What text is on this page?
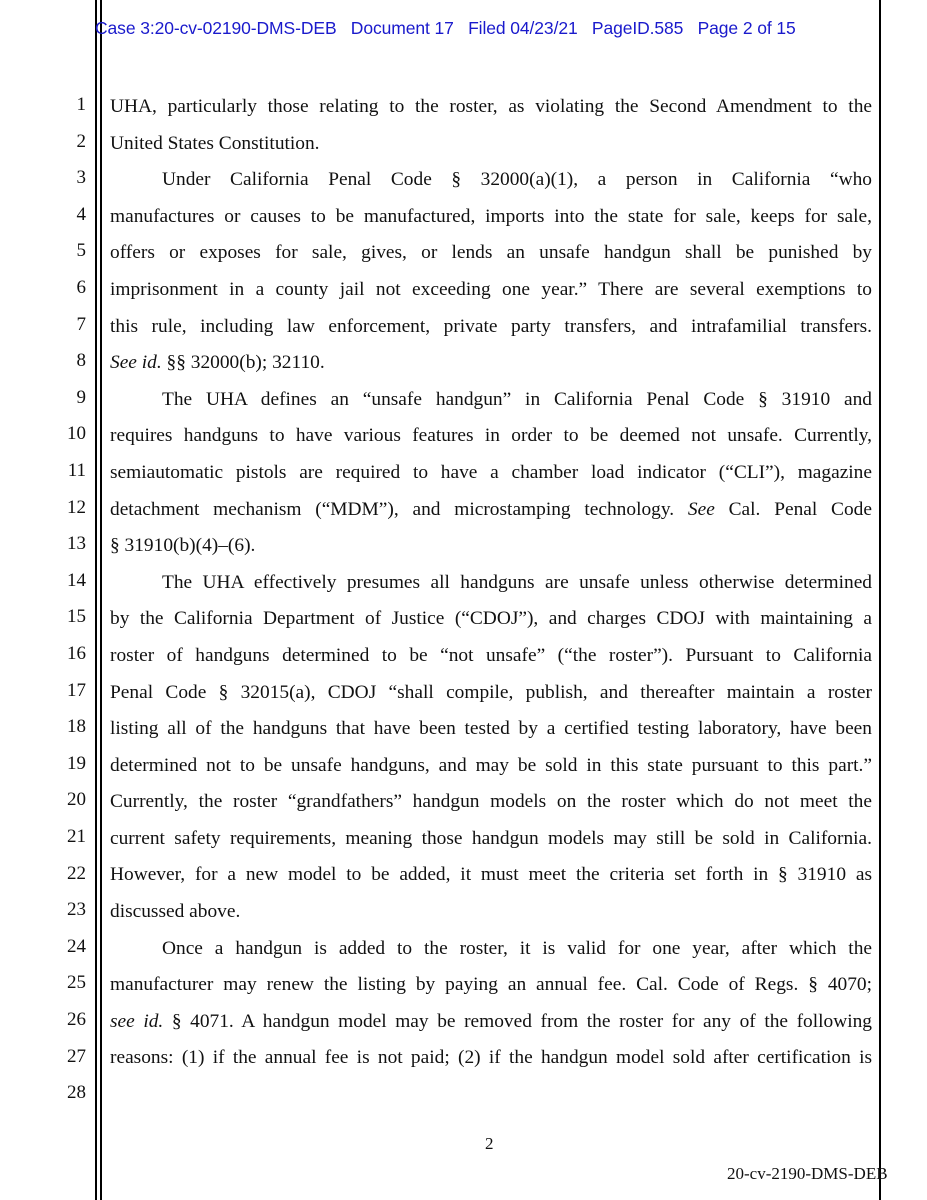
Case 3:20-cv-02190-DMS-DEB   Document 17   Filed 04/23/21   PageID.585   Page 2 of 15
1
2
3
4
5
6
7
8
9
10
11
12
13
14
15
16
17
18
19
20
21
22
23
24
25
26
27
28
UHA, particularly those relating to the roster, as violating the Second Amendment to the
United States Constitution.
Under California Penal Code § 32000(a)(1), a person in California “who
manufactures or causes to be manufactured, imports into the state for sale, keeps for sale,
offers or exposes for sale, gives, or lends an unsafe handgun shall be punished by
imprisonment in a county jail not exceeding one year.” There are several exemptions to
this rule, including law enforcement, private party transfers, and intrafamilial transfers.
See id. §§ 32000(b); 32110.
The UHA defines an “unsafe handgun” in California Penal Code § 31910 and
requires handguns to have various features in order to be deemed not unsafe. Currently,
semiautomatic pistols are required to have a chamber load indicator (“CLI”), magazine
detachment mechanism (“MDM”), and microstamping technology. See Cal. Penal Code
§ 31910(b)(4)–(6).
The UHA effectively presumes all handguns are unsafe unless otherwise determined
by the California Department of Justice (“CDOJ”), and charges CDOJ with maintaining a
roster of handguns determined to be “not unsafe” (“the roster”). Pursuant to California
Penal Code § 32015(a), CDOJ “shall compile, publish, and thereafter maintain a roster
listing all of the handguns that have been tested by a certified testing laboratory, have been
determined not to be unsafe handguns, and may be sold in this state pursuant to this part.”
Currently, the roster “grandfathers” handgun models on the roster which do not meet the
current safety requirements, meaning those handgun models may still be sold in California.
However, for a new model to be added, it must meet the criteria set forth in § 31910 as
discussed above.
Once a handgun is added to the roster, it is valid for one year, after which the
manufacturer may renew the listing by paying an annual fee. Cal. Code of Regs. § 4070;
see id. § 4071. A handgun model may be removed from the roster for any of the following
reasons: (1) if the annual fee is not paid; (2) if the handgun model sold after certification is
2
20-cv-2190-DMS-DEB
